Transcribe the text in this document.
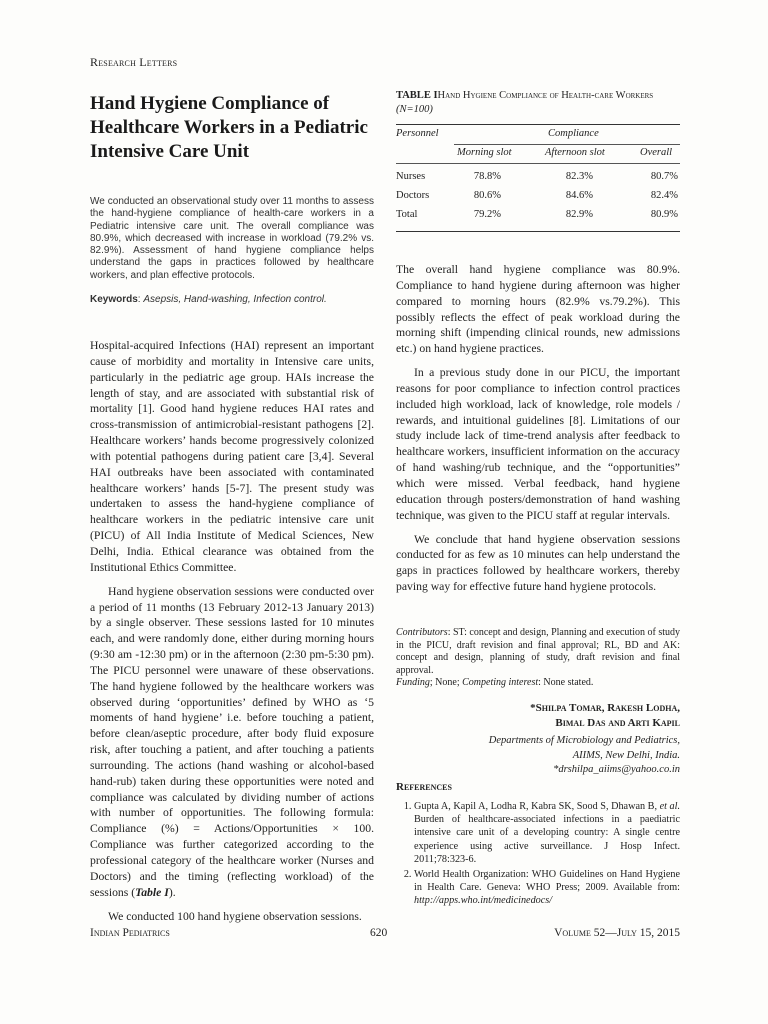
Research Letters
Hand Hygiene Compliance of Healthcare Workers in a Pediatric Intensive Care Unit
We conducted an observational study over 11 months to assess the hand-hygiene compliance of health-care workers in a Pediatric intensive care unit. The overall compliance was 80.9%, which decreased with increase in workload (79.2% vs. 82.9%). Assessment of hand hygiene compliance helps understand the gaps in practices followed by healthcare workers, and plan effective protocols.
Keywords: Asepsis, Hand-washing, Infection control.

Hospital-acquired Infections (HAI) represent an important cause of morbidity and mortality in Intensive care units, particularly in the pediatric age group. HAIs increase the length of stay, and are associated with substantial risk of mortality [1]. Good hand hygiene reduces HAI rates and cross-transmission of antimicrobial-resistant pathogens [2]. Healthcare workers’ hands become progressively colonized with potential pathogens during patient care [3,4]. Several HAI outbreaks have been associated with contaminated healthcare workers’ hands [5-7]. The present study was undertaken to assess the hand-hygiene compliance of healthcare workers in the pediatric intensive care unit (PICU) of All India Institute of Medical Sciences, New Delhi, India. Ethical clearance was obtained from the Institutional Ethics Committee.

Hand hygiene observation sessions were conducted over a period of 11 months (13 February 2012-13 January 2013) by a single observer. These sessions lasted for 10 minutes each, and were randomly done, either during morning hours (9:30 am -12:30 pm) or in the afternoon (2:30 pm-5:30 pm). The PICU personnel were unaware of these observations. The hand hygiene followed by the healthcare workers was observed during ‘opportunities’ defined by WHO as ‘5 moments of hand hygiene’ i.e. before touching a patient, before clean/aseptic procedure, after body fluid exposure risk, after touching a patient, and after touching a patients surrounding. The actions (hand washing or alcohol-based hand-rub) taken during these opportunities were noted and compliance was calculated by dividing number of actions with number of opportunities. The following formula: Compliance (%) = Actions/Opportunities × 100. Compliance was further categorized according to the professional category of the healthcare worker (Nurses and Doctors) and the timing (reflecting workload) of the sessions (Table I).

We conducted 100 hand hygiene observation sessions.

TABLE IHand Hygiene Compliance of Health-care Workers (N=100)
Personnel	Compliance
Morning slot	Afternoon slot	Overall
Nurses	78.8%	82.3%	80.7%
Doctors	80.6%	84.6%	82.4%
Total	79.2%	82.9%	80.9%

The overall hand hygiene compliance was 80.9%. Compliance to hand hygiene during afternoon was higher compared to morning hours (82.9% vs.79.2%). This possibly reflects the effect of peak workload during the morning shift (impending clinical rounds, new admissions etc.) on hand hygiene practices.

In a previous study done in our PICU, the important reasons for poor compliance to infection control practices included high workload, lack of knowledge, role models / rewards, and intuitional guidelines [8]. Limitations of our study include lack of time-trend analysis after feedback to healthcare workers, insufficient information on the accuracy of hand washing/rub technique, and the “opportunities” which were missed. Verbal feedback, hand hygiene education through posters/demonstration of hand washing technique, was given to the PICU staff at regular intervals.

We conclude that hand hygiene observation sessions conducted for as few as 10 minutes can help understand the gaps in practices followed by healthcare workers, thereby paving way for effective future hand hygiene protocols.

Contributors: ST: concept and design, Planning and execution of study in the PICU, draft revision and final approval; RL, BD and AK: concept and design, planning of study, draft revision and final approval.
Funding; None; Competing interest: None stated.
*Shilpa Tomar, Rakesh Lodha,
Bimal Das and Arti Kapil
Departments of Microbiology and Pediatrics,
AIIMS, New Delhi, India.
*drshilpa_aiims@yahoo.co.in
References
1. Gupta A, Kapil A, Lodha R, Kabra SK, Sood S, Dhawan B, et al. Burden of healthcare-associated infections in a paediatric intensive care unit of a developing country: A single centre experience using active surveillance. J Hosp Infect. 2011;78:323-6.
2. World Health Organization: WHO Guidelines on Hand Hygiene in Health Care. Geneva: WHO Press; 2009. Available from: http://apps.who.int/medicinedocs/
Indian Pediatrics	620	Volume 52—July 15, 2015
